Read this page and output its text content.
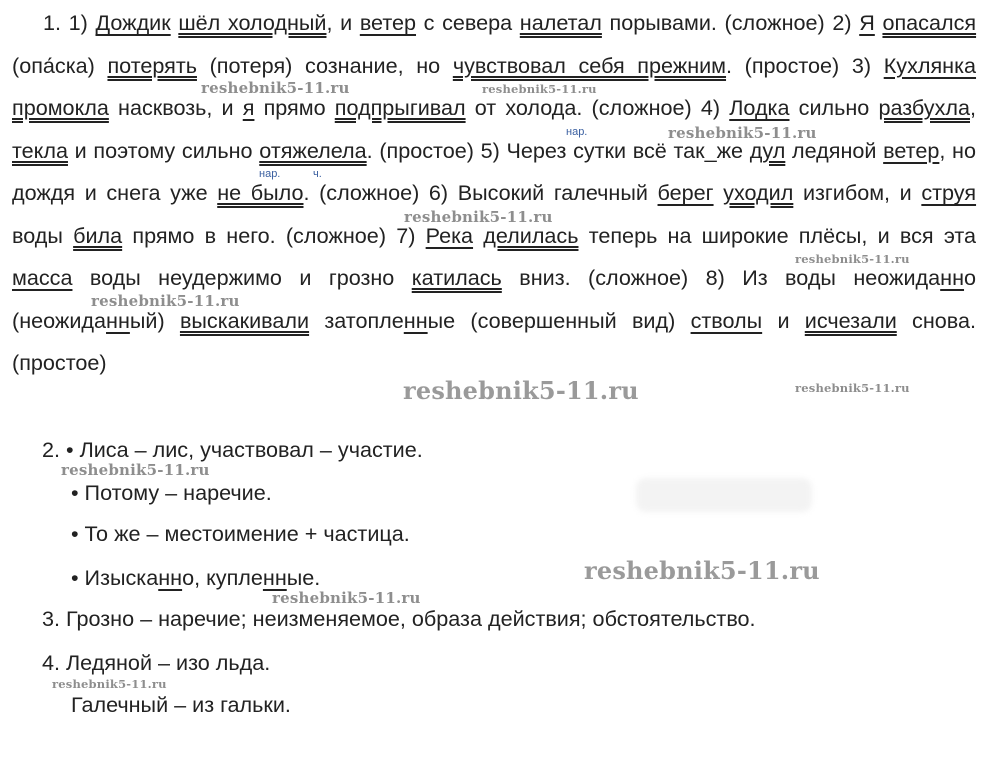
1. 1) Дождик шёл холодный, и ветер с севера налетал порывами. (сложное) 2) Я опасался (опа́ска) потерять (потеря) сознание, но чувствовал себя прежним. (простое) 3) Кухлянка промокла насквозь, и я прямо подпрыгивал от холода. (сложное) 4) Лодка сильно разбухла, текла и поэтому сильно отяжелела. (простое) 5) Через сутки всё так_же дул ледяной ветер, но дождя и снега уже не было. (сложное) 6) Высокий галечный берег уходил изгибом, и струя воды била прямо в него. (сложное) 7) Река делилась теперь на широкие плёсы, и вся эта масса воды неудержимо и грозно катилась вниз. (сложное) 8) Из воды неожиданно (неожиданный) выскакивали затопленные (совершенный вид) стволы и исчезали снова. (простое)

нар.
нар.	ч.

2. • Лиса – лис, участвовал – участие.

• Потому – наречие.

• То же – местоимение + частица.

• Изысканно, купленные.

3. Грозно – наречие; неизменяемое, образа действия; обстоятельство.

4. Ледяной – изо льда.

Галечный – из гальки.

reshebnik5-11.ru
reshebnik5-11.ru
reshebnik5-11.ru
reshebnik5-11.ru
reshebnik5-11.ru
reshebnik5-11.ru
reshebnik5-11.ru	reshebnik5-11.ru
reshebnik5-11.ru
reshebnik5-11.ru
reshebnik5-11.ru
reshebnik5-11.ru
